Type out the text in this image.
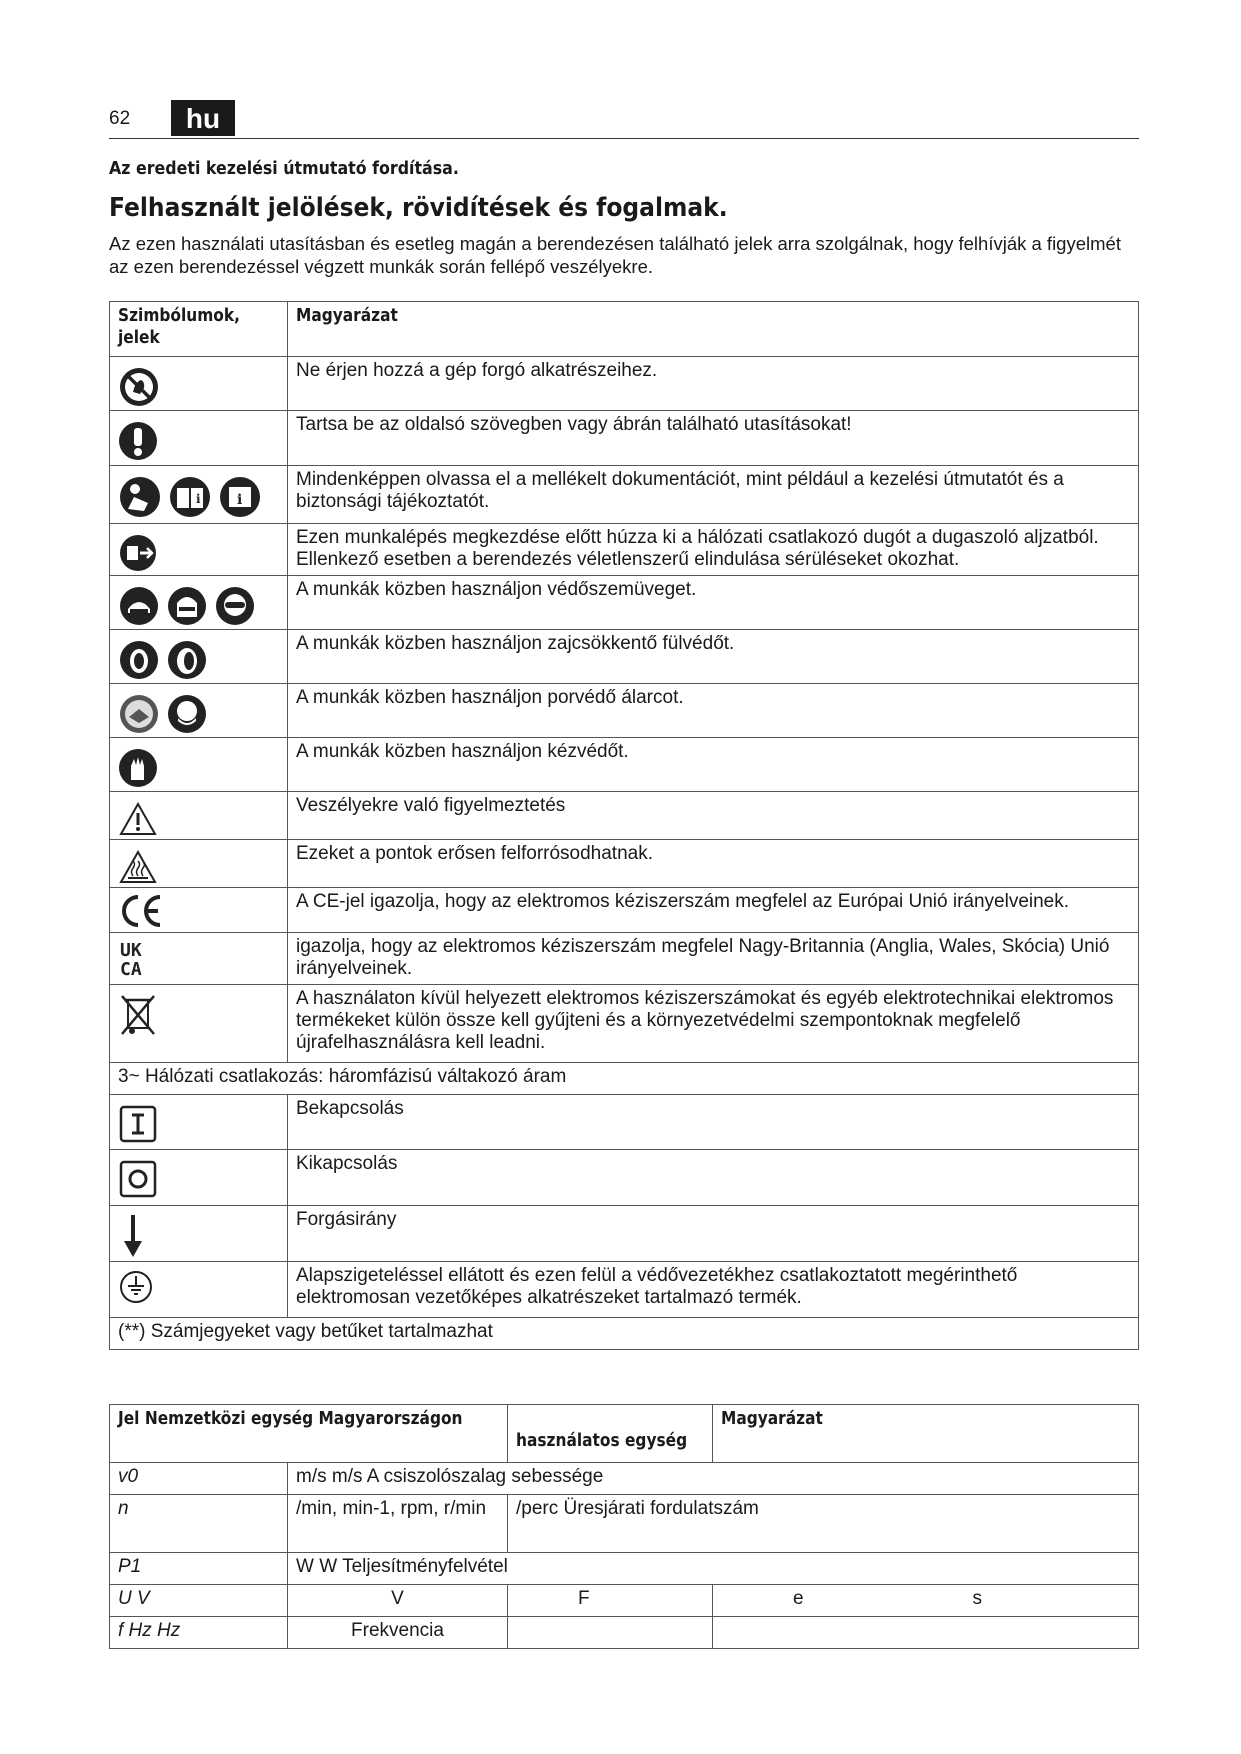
62	hu
Az eredeti kezelési útmutató fordítása.
Felhasznált jelölések, rövidítések és fogalmak.

Az ezen használati utasításban és esetleg magán a berendezésen található jelek arra szolgálnak, hogy felhívják a figyelmét az ezen berendezéssel végzett munkák során fellépő veszélyekre.

Szimbólumok, jelek	Magyarázat

	Ne érjen hozzá a gép forgó alkatrészeihez.

	Tartsa be az oldalsó szövegben vagy ábrán található utasításokat!

i i	Mindenképpen olvassa el a mellékelt dokumentációt, mint például a kezelési útmutatót és a biztonsági tájékoztatót.

	Ezen munkalépés megkezdése előtt húzza ki a hálózati csatlakozó dugót a dugaszoló aljzatból. Ellenkező esetben a berendezés véletlenszerű elindulása sérüléseket okozhat.

	A munkák közben használjon védőszemüveget.

	A munkák közben használjon zajcsökkentő fülvédőt.

	A munkák közben használjon porvédő álarcot.

	A munkák közben használjon kézvédőt.

	Veszélyekre való figyelmeztetés

	Ezeket a pontok erősen felforrósodhatnak.

	A CE-jel igazolja, hogy az elektromos kéziszerszám megfelel az Európai Unió irányelveinek.

UK
CA	igazolja, hogy az elektromos kéziszerszám megfelel Nagy-Britannia (Anglia, Wales, Skócia) Unió irányelveinek.

	A használaton kívül helyezett elektromos kéziszerszámokat és egyéb elektrotechnikai elektromos termékeket külön össze kell gyűjteni és a környezetvédelmi szempontoknak megfelelő újrafelhasználásra kell leadni.
3~ Hálózati csatlakozás: háromfázisú váltakozó áram	

	Bekapcsolás

	Kikapcsolás

	Forgásirány

	Alapszigeteléssel ellátott és ezen felül a védővezetékhez csatlakoztatott megérinthető elektromosan vezetőképes alkatrészeket tartalmazó termék.
(**) Számjegyeket vagy betűket tartalmazhat	
Jel Nemzetközi egység Magyarországon		használatos egység	Magyarázat
v0	m/s m/s A csiszolószalag sebessége		
n	/min, min-1, rpm, r/min	/perc Üresjárati fordulatszám	
P1	W W Teljesítményfelvétel		
U V	V	F	e                                s
f Hz Hz	Frekvencia		
